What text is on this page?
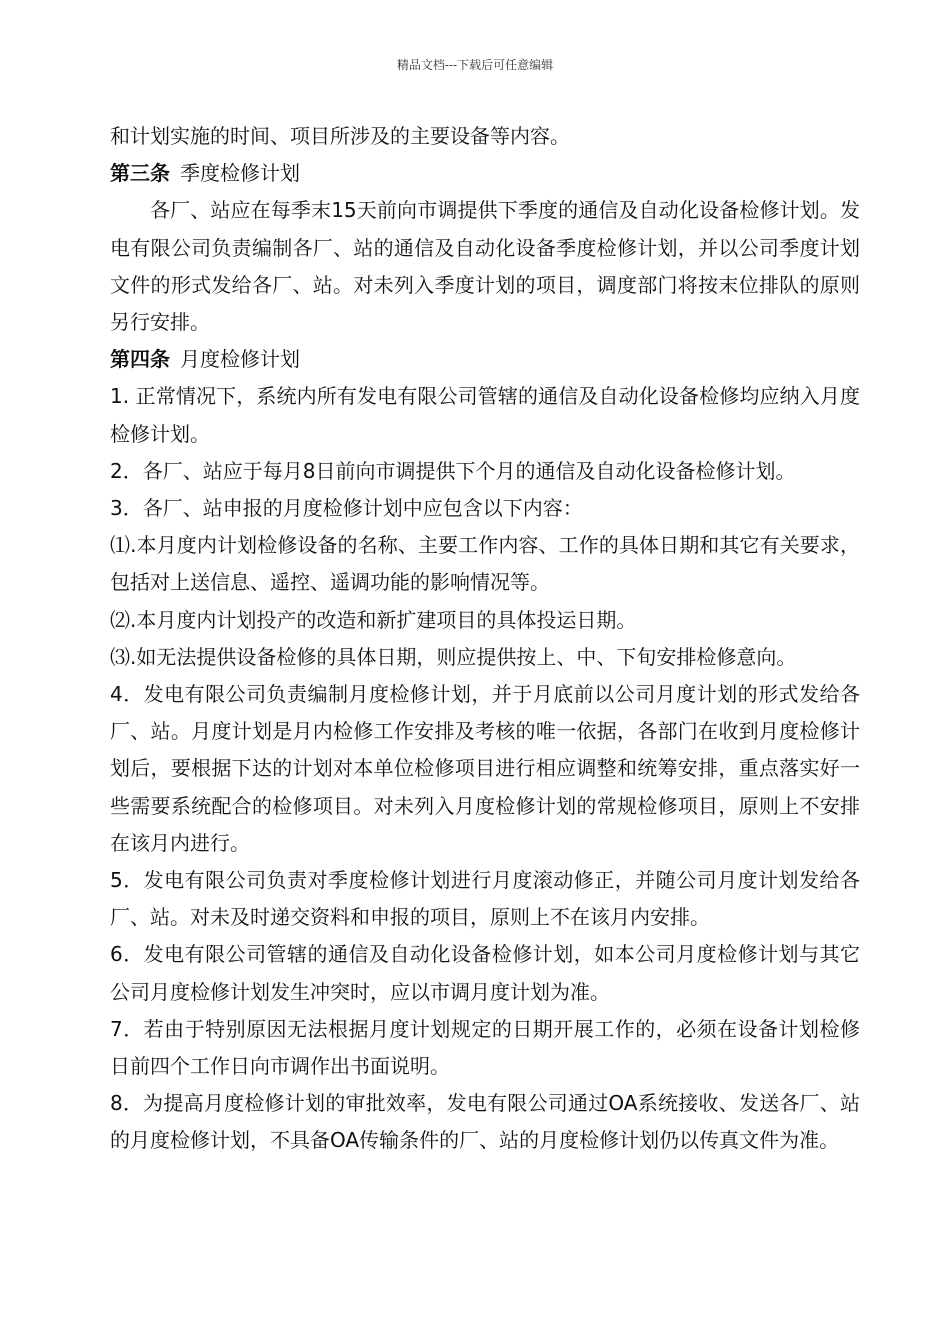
精品文档---下载后可任意编辑

和计划实施的时间、项目所涉及的主要设备等内容。

第三条 季度检修计划

各厂、站应在每季末15天前向市调提供下季度的通信及自动化设备检修计划。发电有限公司负责编制各厂、站的通信及自动化设备季度检修计划，并以公司季度计划文件的形式发给各厂、站。对未列入季度计划的项目，调度部门将按末位排队的原则另行安排。

第四条 月度检修计划

1. 正常情况下，系统内所有发电有限公司管辖的通信及自动化设备检修均应纳入月度检修计划。

2．各厂、站应于每月8日前向市调提供下个月的通信及自动化设备检修计划。

3．各厂、站申报的月度检修计划中应包含以下内容：

⑴.本月度内计划检修设备的名称、主要工作内容、工作的具体日期和其它有关要求，包括对上送信息、遥控、遥调功能的影响情况等。

⑵.本月度内计划投产的改造和新扩建项目的具体投运日期。

⑶.如无法提供设备检修的具体日期，则应提供按上、中、下旬安排检修意向。

4．发电有限公司负责编制月度检修计划，并于月底前以公司月度计划的形式发给各厂、站。月度计划是月内检修工作安排及考核的唯一依据，各部门在收到月度检修计划后，要根据下达的计划对本单位检修项目进行相应调整和统筹安排，重点落实好一些需要系统配合的检修项目。对未列入月度检修计划的常规检修项目，原则上不安排在该月内进行。

5．发电有限公司负责对季度检修计划进行月度滚动修正，并随公司月度计划发给各厂、站。对未及时递交资料和申报的项目，原则上不在该月内安排。

6．发电有限公司管辖的通信及自动化设备检修计划，如本公司月度检修计划与其它公司月度检修计划发生冲突时，应以市调月度计划为准。

7．若由于特别原因无法根据月度计划规定的日期开展工作的，必须在设备计划检修日前四个工作日向市调作出书面说明。

8．为提高月度检修计划的审批效率，发电有限公司通过OA系统接收、发送各厂、站的月度检修计划，不具备OA传输条件的厂、站的月度检修计划仍以传真文件为准。
